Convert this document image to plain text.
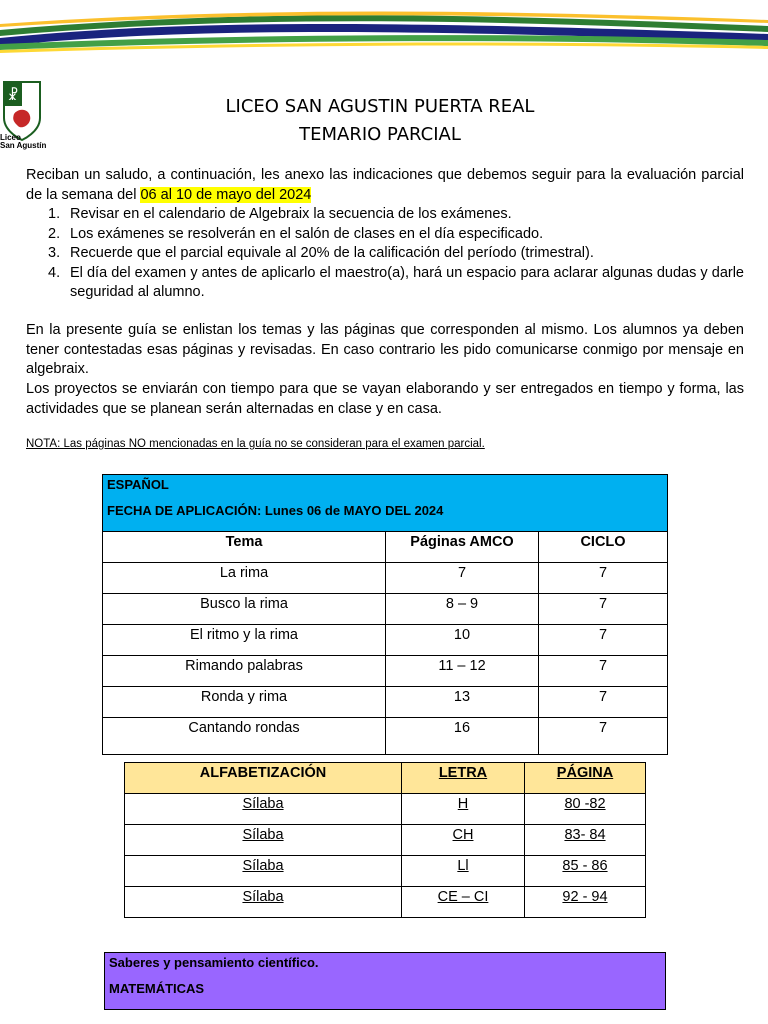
☧
Liceo
San Agustín
LICEO SAN AGUSTIN PUERTA REAL
TEMARIO PARCIAL
Reciban un saludo, a continuación, les anexo las indicaciones que debemos seguir para la evaluación parcial de la semana del 06 al 10 de mayo del 2024
1. Revisar en el calendario de Algebraix la secuencia de los exámenes.
2. Los exámenes se resolverán en el salón de clases en el día especificado.
3. Recuerde que el parcial equivale al 20% de la calificación del período (trimestral).
4. El día del examen y antes de aplicarlo el maestro(a), hará un espacio para aclarar algunas dudas y darle seguridad al alumno.
En la presente guía se enlistan los temas y las páginas que corresponden al mismo. Los alumnos ya deben tener contestadas esas páginas y revisadas. En caso contrario les pido comunicarse conmigo por mensaje en algebraix.
Los proyectos se enviarán con tiempo para que se vayan elaborando y ser entregados en tiempo y forma, las actividades que se planean serán alternadas en clase y en casa.
NOTA: Las páginas NO mencionadas en la guía no se consideran para el examen parcial.
ESPAÑOL
FECHA DE APLICACIÓN: Lunes 06 de MAYO DEL 2024		

Tema	Páginas AMCO	CICLO
La rima	7	7
Busco la rima	8 – 9	7
El ritmo y la rima	10	7
Rimando palabras	11 – 12	7
Ronda y rima	13	7
Cantando rondas	16	7
ALFABETIZACIÓN	LETRA	PÁGINA
Sílaba	H	80 -82
Sílaba	CH	83- 84
Sílaba	Ll	85 - 86
Sílaba	CE – CI	92 - 94
Saberes y pensamiento científico.
MATEMÁTICAS
